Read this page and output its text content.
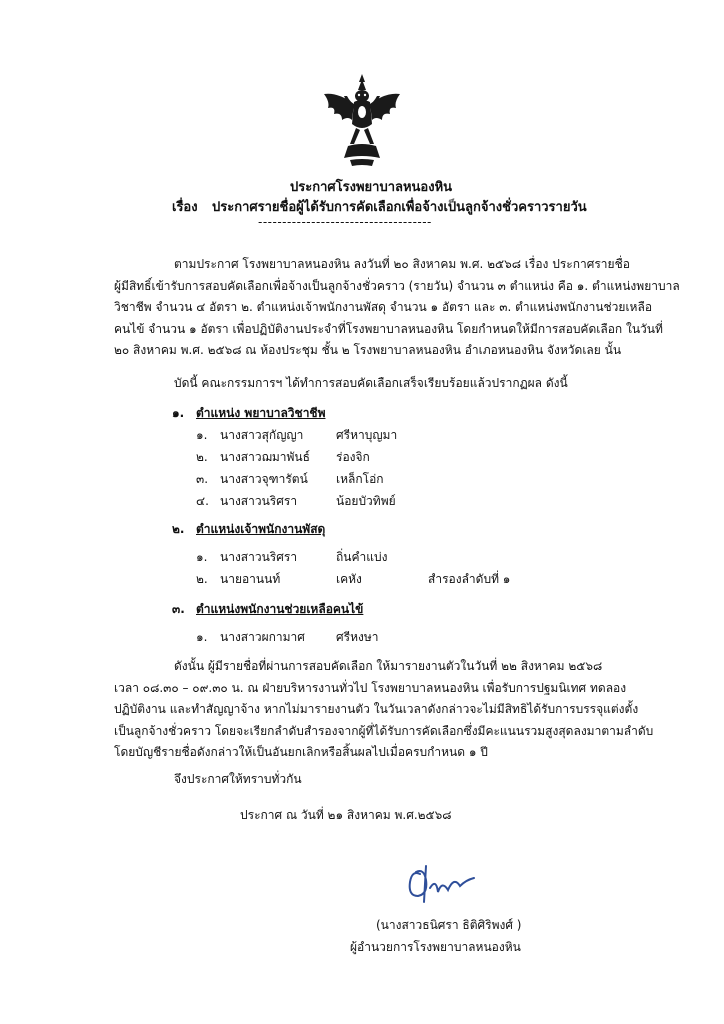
ประกาศโรงพยาบาลหนองหิน
เรื่อง ประกาศรายชื่อผู้ได้รับการคัดเลือกเพื่อจ้างเป็นลูกจ้างชั่วคราวรายวัน
------------------------------------
ตามประกาศ โรงพยาบาลหนองหิน ลงวันที่ ๒๐ สิงหาคม พ.ศ. ๒๕๖๘ เรื่อง ประกาศรายชื่อ
ผู้มีสิทธิ์เข้ารับการสอบคัดเลือกเพื่อจ้างเป็นลูกจ้างชั่วคราว (รายวัน) จำนวน ๓ ตำแหน่ง คือ ๑. ตำแหน่งพยาบาล
วิชาชีพ จำนวน ๔ อัตรา ๒. ตำแหน่งเจ้าพนักงานพัสดุ จำนวน ๑ อัตรา และ ๓. ตำแหน่งพนักงานช่วยเหลือ
คนไข้ จำนวน ๑ อัตรา เพื่อปฏิบัติงานประจำที่โรงพยาบาลหนองหิน โดยกำหนดให้มีการสอบคัดเลือก ในวันที่
๒๐ สิงหาคม พ.ศ. ๒๕๖๘ ณ ห้องประชุม ชั้น ๒ โรงพยาบาลหนองหิน อำเภอหนองหิน จังหวัดเลย นั้น
บัดนี้ คณะกรรมการฯ ได้ทำการสอบคัดเลือกเสร็จเรียบร้อยแล้วปรากฏผล ดังนี้
๑. ตำแหน่ง พยาบาลวิชาชีพ
๑. นางสาวสุกัญญา	ศรีหาบุญมา
๒. นางสาวฌมาพันธ์ ร่องจิก
๓. นางสาวจุฑารัตน์ เหล็กโอ่ก
๔. นางสาวนริศรา	น้อยบัวทิพย์
๒. ตำแหน่งเจ้าพนักงานพัสดุ
๑. นางสาวนริศรา	ถิ่นคำแบ่ง
๒. นายอานนท์	เคหัง	สำรองลำดับที่ ๑
๓. ตำแหน่งพนักงานช่วยเหลือคนไข้
๑. นางสาวผกามาศ	ศรีหงษา
ดังนั้น ผู้มีรายชื่อที่ผ่านการสอบคัดเลือก ให้มารายงานตัวในวันที่ ๒๒ สิงหาคม ๒๕๖๘
เวลา ๐๘.๓๐ – ๐๙.๓๐ น. ณ ฝ่ายบริหารงานทั่วไป โรงพยาบาลหนองหิน เพื่อรับการปฐมนิเทศ ทดลอง
ปฏิบัติงาน และทำสัญญาจ้าง หากไม่มารายงานตัว ในวันเวลาดังกล่าวจะไม่มีสิทธิได้รับการบรรจุแต่งตั้ง
เป็นลูกจ้างชั่วคราว โดยจะเรียกลำดับสำรองจากผู้ที่ได้รับการคัดเลือกซึ่งมีคะแนนรวมสูงสุดลงมาตามลำดับ
โดยบัญชีรายชื่อดังกล่าวให้เป็นอันยกเลิกหรือสิ้นผลไปเมื่อครบกำหนด ๑ ปี
จึงประกาศให้ทราบทั่วกัน
ประกาศ ณ วันที่ ๒๑ สิงหาคม พ.ศ.๒๕๖๘
(นางสาวธนิศรา ธิติศิริพงศ์ )
ผู้อำนวยการโรงพยาบาลหนองหิน
